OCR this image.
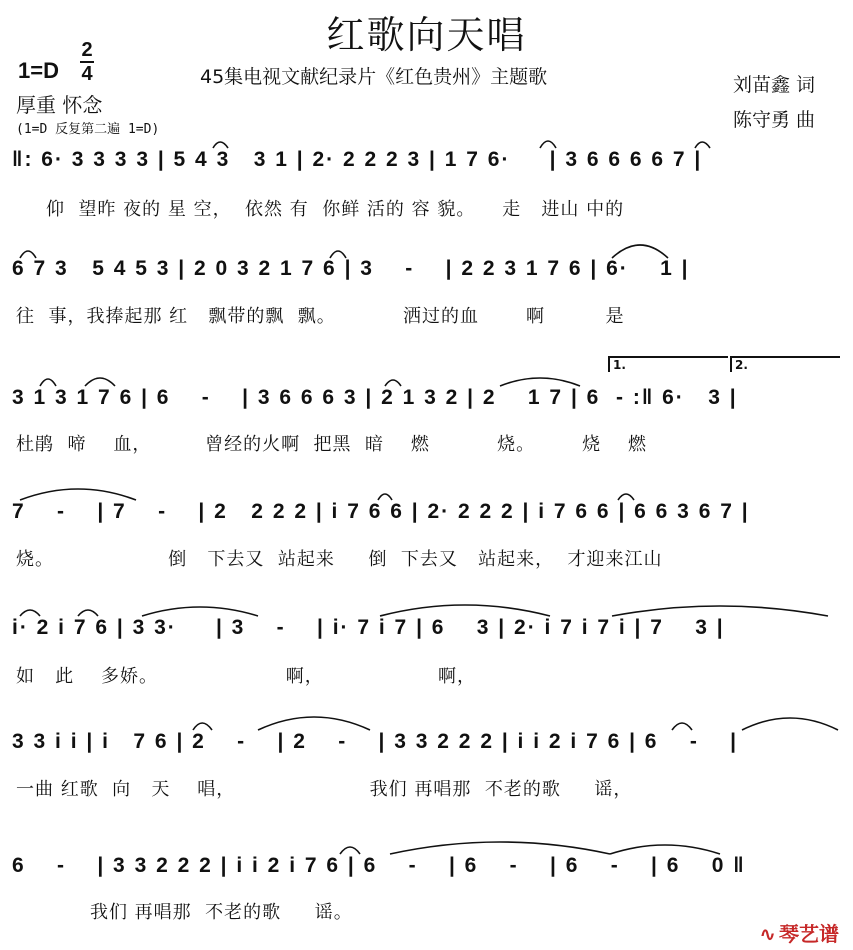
红歌向天唱
1=D
2
4	45集电视文献纪录片《红色贵州》主题歌	刘苗鑫 词
陈守勇 曲
厚重 怀念
(1=D 反复第二遍 1=D)
‖: 6· 3 3 3 3 | 5 4 3   3 1 | 2· 2 2 2 3 | 1 7 6·     | 3 6 6 6 6 7 |
仰  望昨 夜的 星 空，  依然 有  你鲜 活的 容 貌。    走   进山 中的
6 7 3   5 4 5 3 | 2 0 3 2 1 7 6 | 3    -    | 2 2 3 1 7 6 | 6·    1 |
往  事，我捧起那 红   飘带的飘  飘。          洒过的血       啊         是
1.	2.
3 1 3 1 7 6 | 6    -    | 3 6 6 6 3 | 2 1 3 2 | 2    1 7 | 6  - :‖ 6·   3 |
杜鹃  啼    血，        曾经的火啊  把黑  暗    燃          烧。       烧    燃
7    -    | 7    -    | 2   2 2 2 | i 7 6 6 | 2· 2 2 2 | i 7 6 6 | 6 6 3 6 7 |
烧。                 倒   下去又  站起来     倒  下去又   站起来，  才迎来江山
i· 2 i 7 6 | 3 3·     | 3    -    | i· 7 i 7 | 6    3 | 2· i 7 i 7 i | 7    3 |
如   此    多娇。                   啊，                 啊，
3 3 i i | i   7 6 | 2    -    | 2    -    | 3 3 2 2 2 | i i 2 i 7 6 | 6    -    |
一曲 红歌  向   天    唱，                    我们 再唱那  不老的歌     谣，
6    -    | 3 3 2 2 2 | i i 2 i 7 6 | 6    -    | 6    -    | 6    -    | 6    0 ‖
我们 再唱那  不老的歌     谣。
∿ 琴艺谱
